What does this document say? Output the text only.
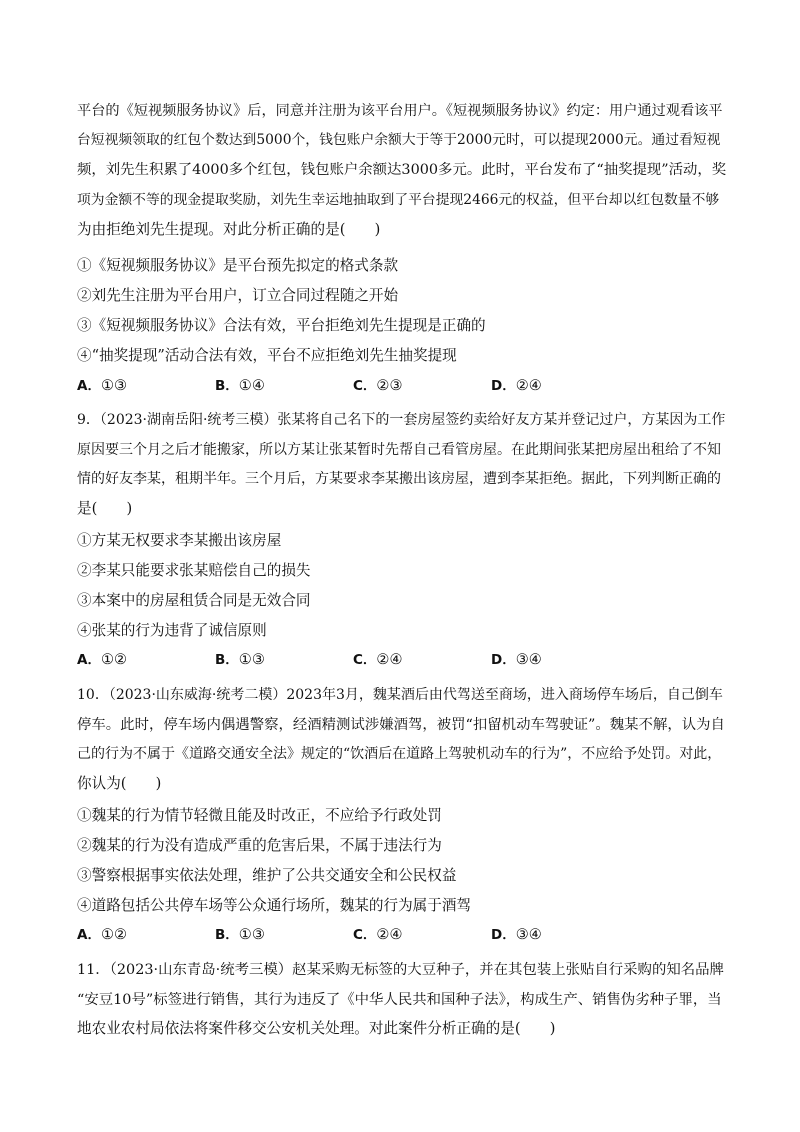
平台的《短视频服务协议》后，同意并注册为该平台用户。《短视频服务协议》约定：用户通过观看该平
台短视频领取的红包个数达到5000个，钱包账户余额大于等于2000元时，可以提现2000元。通过看短视
频，刘先生积累了4000多个红包，钱包账户余额达3000多元。此时，平台发布了“抽奖提现”活动，奖
项为金额不等的现金提取奖励，刘先生幸运地抽取到了平台提现2466元的权益，但平台却以红包数量不够
为由拒绝刘先生提现。对此分析正确的是(　　)
①《短视频服务协议》是平台预先拟定的格式条款
②刘先生注册为平台用户，订立合同过程随之开始
③《短视频服务协议》合法有效，平台拒绝刘先生提现是正确的
④“抽奖提现”活动合法有效，平台不应拒绝刘先生抽奖提现
A．①③	B．①④	C．②③	D．②④
9．（2023·湖南岳阳·统考三模）张某将自己名下的一套房屋签约卖给好友方某并登记过户，方某因为工作
原因要三个月之后才能搬家，所以方某让张某暂时先帮自己看管房屋。在此期间张某把房屋出租给了不知
情的好友李某，租期半年。三个月后，方某要求李某搬出该房屋，遭到李某拒绝。据此，下列判断正确的
是(　　)
①方某无权要求李某搬出该房屋
②李某只能要求张某赔偿自己的损失
③本案中的房屋租赁合同是无效合同
④张某的行为违背了诚信原则
A．①②	B．①③	C．②④	D．③④
10．（2023·山东威海·统考二模）2023年3月，魏某酒后由代驾送至商场，进入商场停车场后，自己倒车
停车。此时，停车场内偶遇警察，经酒精测试涉嫌酒驾，被罚“扣留机动车驾驶证”。魏某不解，认为自
己的行为不属于《道路交通安全法》规定的“饮酒后在道路上驾驶机动车的行为”，不应给予处罚。对此，
你认为(　　)
①魏某的行为情节轻微且能及时改正，不应给予行政处罚
②魏某的行为没有造成严重的危害后果，不属于违法行为
③警察根据事实依法处理，维护了公共交通安全和公民权益
④道路包括公共停车场等公众通行场所，魏某的行为属于酒驾
A．①②	B．①③	C．②④	D．③④
11．（2023·山东青岛·统考三模）赵某采购无标签的大豆种子，并在其包装上张贴自行采购的知名品牌
“安豆10号”标签进行销售，其行为违反了《中华人民共和国种子法》，构成生产、销售伪劣种子罪，当
地农业农村局依法将案件移交公安机关处理。对此案件分析正确的是(　　)
